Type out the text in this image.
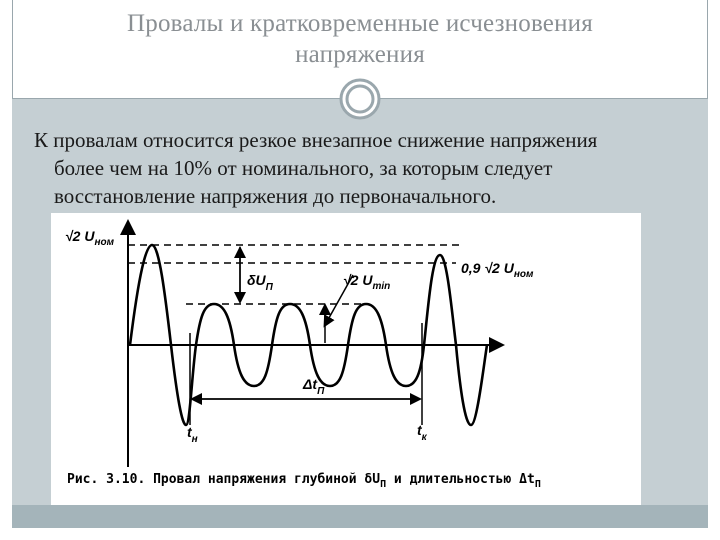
Провалы и кратковременные исчезновения
напряжения
К провалам относится резкое внезапное снижение напряжения
более чем на 10% от номинального, за которым следует
восстановление напряжения до первоначального.
√2 $U_{ном}$
0,9 √2 $U_{ном}$
$\delta U_П$	√2 $U_{min}$
$\Delta t_П$
$t_н$
$t_к$
Рис. 3.10. Провал напряжения глубиной $\delta U_П$ и длительностью $\Delta t_П$
